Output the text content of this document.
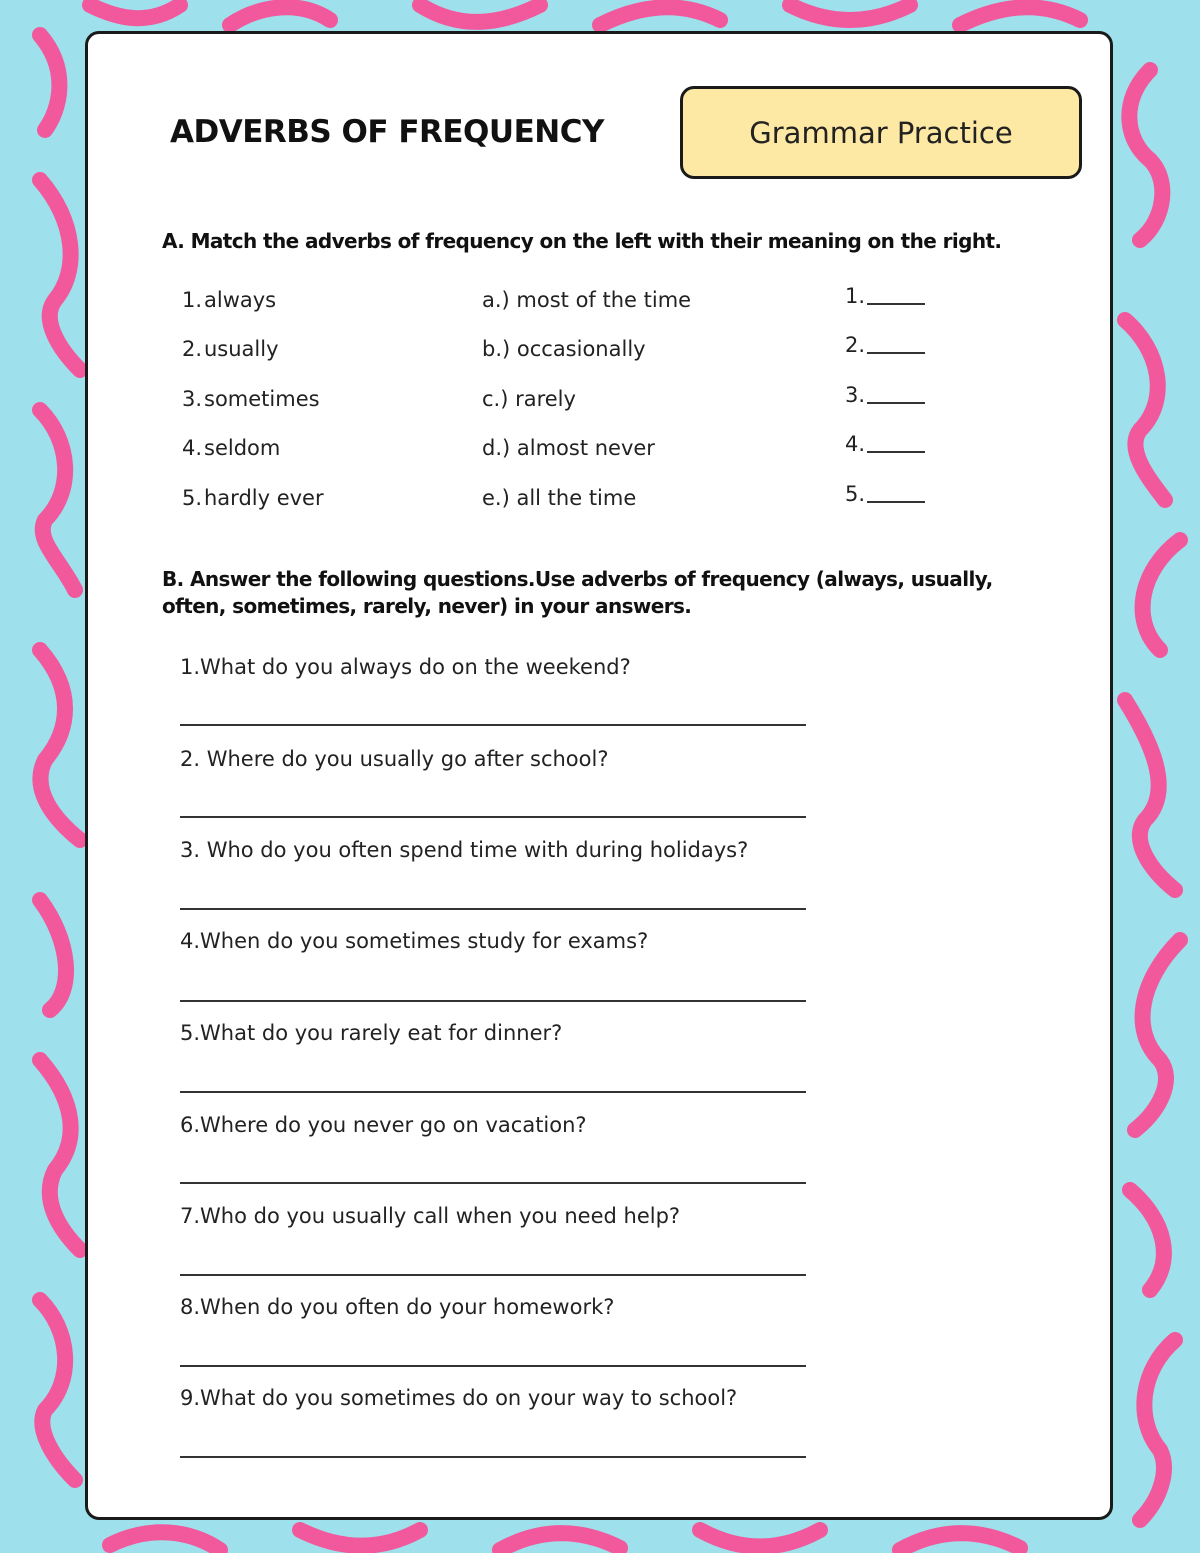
ADVERBS OF FREQUENCY	Grammar Practice

A. Match the adverbs of frequency on the left with their meaning on the right.

1. always	a.) most of the time	1.
2. usually	b.) occasionally	2.
3. sometimes	c.) rarely	3.
4. seldom	d.) almost never	4.
5. hardly ever	e.) all the time	5.

B. Answer the following questions.Use adverbs of frequency (always, usually,
often, sometimes, rarely, never) in your answers.

1.What do you always do on the weekend?

2. Where do you usually go after school?

3. Who do you often spend time with during holidays?

4.When do you sometimes study for exams?

5.What do you rarely eat for dinner?

6.Where do you never go on vacation?

7.Who do you usually call when you need help?

8.When do you often do your homework?

9.What do you sometimes do on your way to school?
